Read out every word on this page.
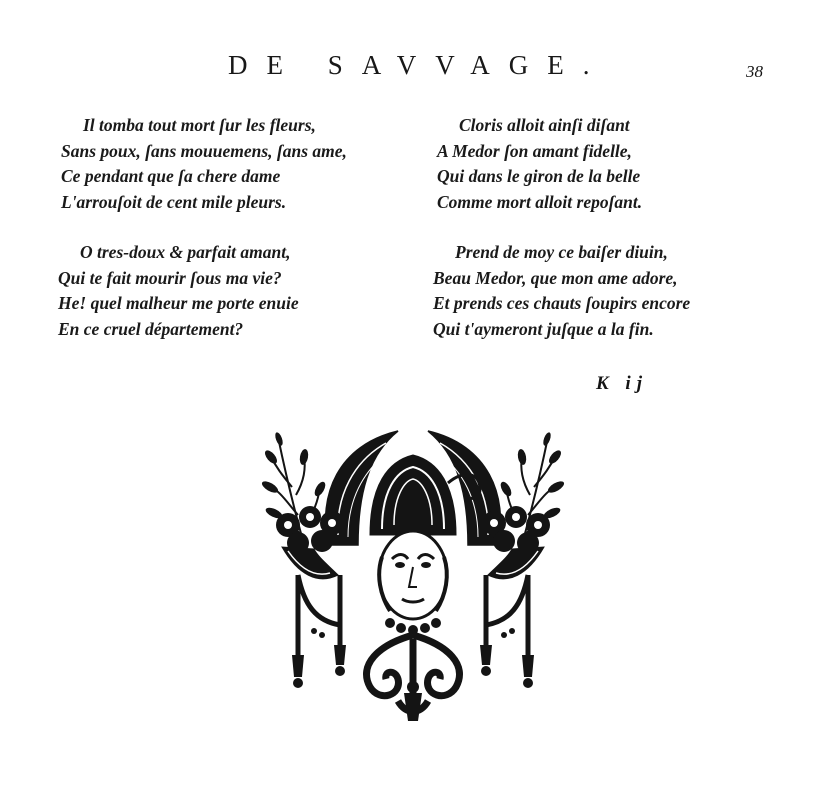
DE SAVVAGE.	38
Il tomba tout mort ſur les fleurs,
Sans poux, ſans mouuemens, ſans ame,
Ce pendant que ſa chere dame
L'arrouſoit de cent mile pleurs.
Cloris alloit ainſi diſant
A Medor ſon amant fidelle,
Qui dans le giron de la belle
Comme mort alloit repoſant.
O tres-doux & parfait amant,
Qui te fait mourir ſous ma vie?
He! quel malheur me porte enuie
En ce cruel département?
Prend de moy ce baiſer diuin,
Beau Medor, que mon ame adore,
Et prends ces chauts ſoupirs encore
Qui t'aymeront juſque a la fin.
K ij
